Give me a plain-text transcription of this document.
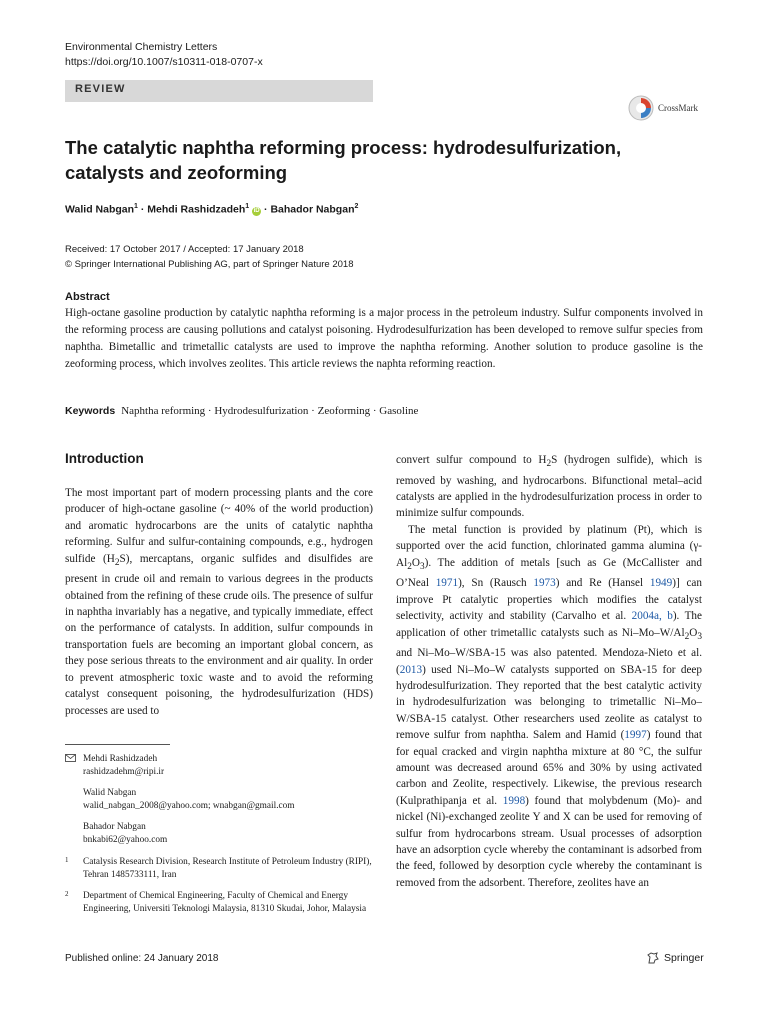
Environmental Chemistry Letters
https://doi.org/10.1007/s10311-018-0707-x
REVIEW
CrossMark
The catalytic naphtha reforming process: hydrodesulfurization, catalysts and zeoforming
Walid Nabgan$^1$ · Mehdi Rashidzadeh$^1$ iD · Bahador Nabgan$^2$
Received: 17 October 2017 / Accepted: 17 January 2018
© Springer International Publishing AG, part of Springer Nature 2018
Abstract
High-octane gasoline production by catalytic naphtha reforming is a major process in the petroleum industry. Sulfur components involved in the reforming process are causing pollutions and catalyst poisoning. Hydrodesulfurization has been developed to remove sulfur species from naphtha. Bimetallic and trimetallic catalysts are used to improve the naphtha reforming. Another solution to produce gasoline is the zeoforming process, which involves zeolites. This article reviews the naphta reforming reaction.
Keywords Naphtha reforming · Hydrodesulfurization · Zeoforming · Gasoline
Introduction

The most important part of modern processing plants and the core producer of high-octane gasoline (~ 40% of the world production) and aromatic hydrocarbons are the units of catalytic naphtha reforming. Sulfur and sulfur-containing compounds, e.g., hydrogen sulfide $(H_2S)$, mercaptans, organic sulfides and disulfides are present in crude oil and remain to various degrees in the products obtained from the refining of these crude oils. The presence of sulfur in naphtha invariably has a negative, and typically immediate, effect on the performance of catalysts. In addition, sulfur compounds in transportation fuels are becoming an important global concern, as they pose serious threats to the environment and air quality. In order to prevent atmospheric toxic waste and to avoid the reforming catalyst consequent poisoning, the hydrodesulfurization (HDS) processes are used to

convert sulfur compound to $H_2S$ (hydrogen sulfide), which is removed by washing, and hydrocarbons. Bifunctional metal–acid catalysts are applied in the hydrodesulfurization process in order to minimize sulfur compounds.

The metal function is provided by platinum (Pt), which is supported over the acid function, chlorinated gamma alumina $(\gamma-Al_2O_3)$. The addition of metals [such as Ge (McCallister and O’Neal 1971), Sn (Rausch 1973) and Re (Hansel 1949)] can improve Pt catalytic properties which modifies the catalyst selectivity, activity and stability (Carvalho et al. 2004a, b). The application of other trimetallic catalysts such as $Ni-Mo-W/Al_2O_3$ and Ni–Mo–W/SBA-15 was also patented. Mendoza-Nieto et al. (2013) used Ni–Mo–W catalysts supported on SBA-15 for deep hydrodesulfurization. They reported that the best catalytic activity in hydrodesulfurization was belonging to trimetallic Ni–Mo–W/SBA-15 catalyst. Other researchers used zeolite as catalyst to remove sulfur from naphtha. Salem and Hamid (1997) found that for equal cracked and virgin naphtha mixture at 80 °C, the sulfur amount was decreased around 65% and 30% by using activated carbon and Zeolite, respectively. Likewise, the previous research (Kulprathipanja et al. 1998) found that molybdenum (Mo)- and nickel (Ni)-exchanged zeolite Y and X can be used for removing of sulfur from hydrocarbons stream. Usual processes of adsorption have an adsorption cycle whereby the contaminant is adsorbed from the feed, followed by desorption cycle whereby the contaminant is removed from the adsorbent. Therefore, zeolites have an

Mehdi Rashidzadeh
rashidzadehm@ripi.ir
Walid Nabgan
walid_nabgan_2008@yahoo.com; wnabgan@gmail.com
Bahador Nabgan
bnkabi62@yahoo.com
1 Catalysis Research Division, Research Institute of Petroleum Industry (RIPI), Tehran 1485733111, Iran
2 Department of Chemical Engineering, Faculty of Chemical and Energy Engineering, Universiti Teknologi Malaysia, 81310 Skudai, Johor, Malaysia
Published online: 24 January 2018	Springer
